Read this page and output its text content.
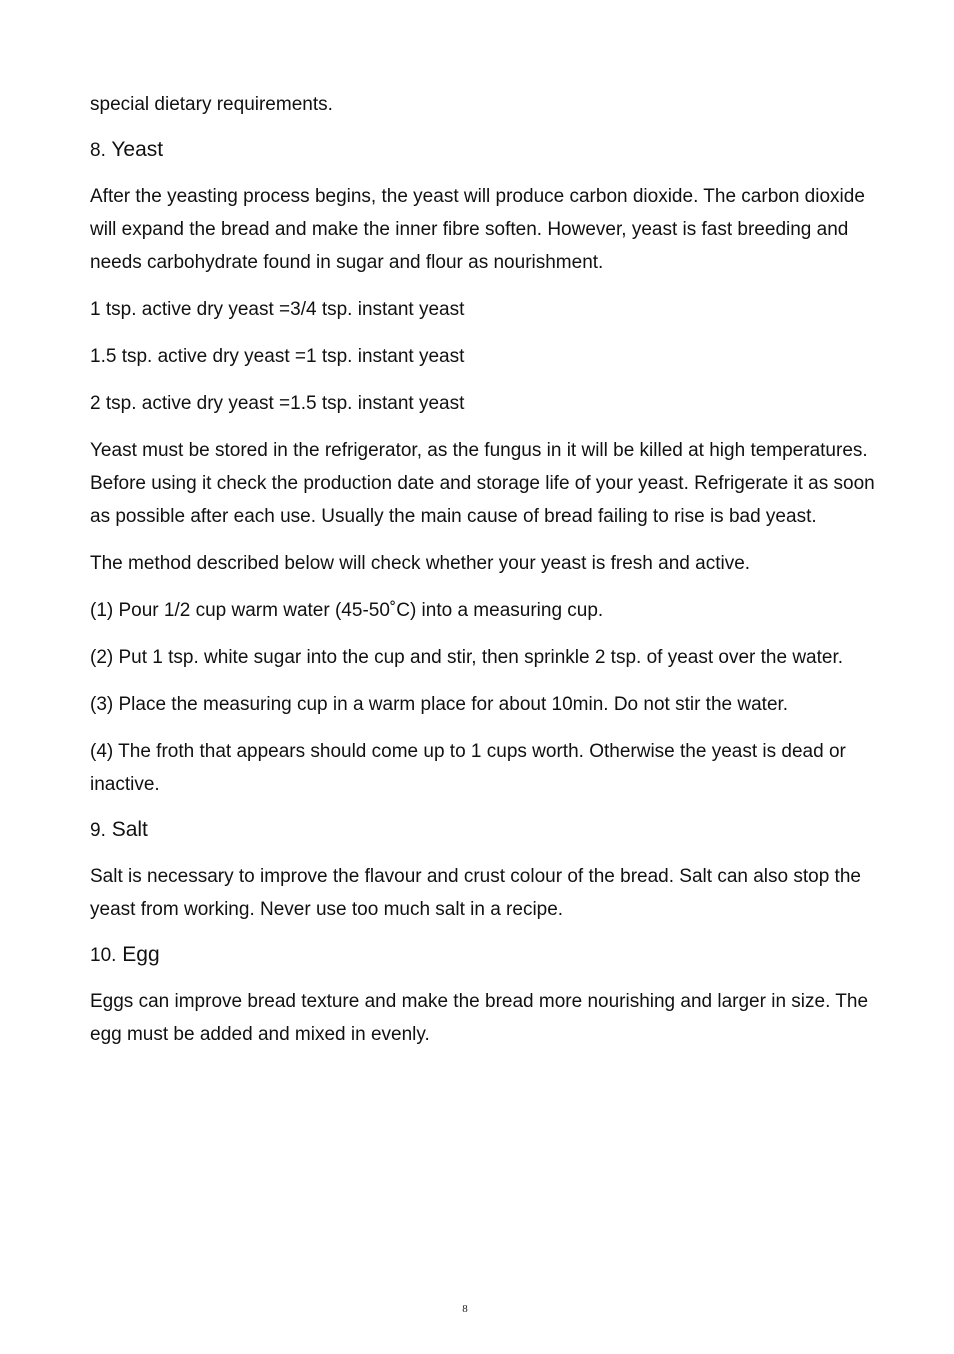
special dietary requirements.

8. Yeast

After the yeasting process begins, the yeast will produce carbon dioxide. The carbon dioxide will expand the bread and make the inner fibre soften. However, yeast is fast breeding and needs carbohydrate found in sugar and flour as nourishment.

1 tsp. active dry yeast =3/4 tsp. instant yeast

1.5 tsp. active dry yeast =1 tsp. instant yeast

2 tsp. active dry yeast =1.5 tsp. instant yeast

Yeast must be stored in the refrigerator, as the fungus in it will be killed at high temperatures. Before using it check the production date and storage life of your yeast. Refrigerate it as soon as possible after each use. Usually the main cause of bread failing to rise is bad yeast.

The method described below will check whether your yeast is fresh and active.

(1) Pour 1/2 cup warm water (45-50˚C) into a measuring cup.

(2) Put 1 tsp. white sugar into the cup and stir, then sprinkle 2 tsp. of yeast over the water.

(3) Place the measuring cup in a warm place for about 10min. Do not stir the water.

(4) The froth that appears should come up to 1 cups worth. Otherwise the yeast is dead or inactive.

9. Salt

Salt is necessary to improve the flavour and crust colour of the bread. Salt can also stop the yeast from working. Never use too much salt in a recipe.

10. Egg

Eggs can improve bread texture and make the bread more nourishing and larger in size. The egg must be added and mixed in evenly.

8
